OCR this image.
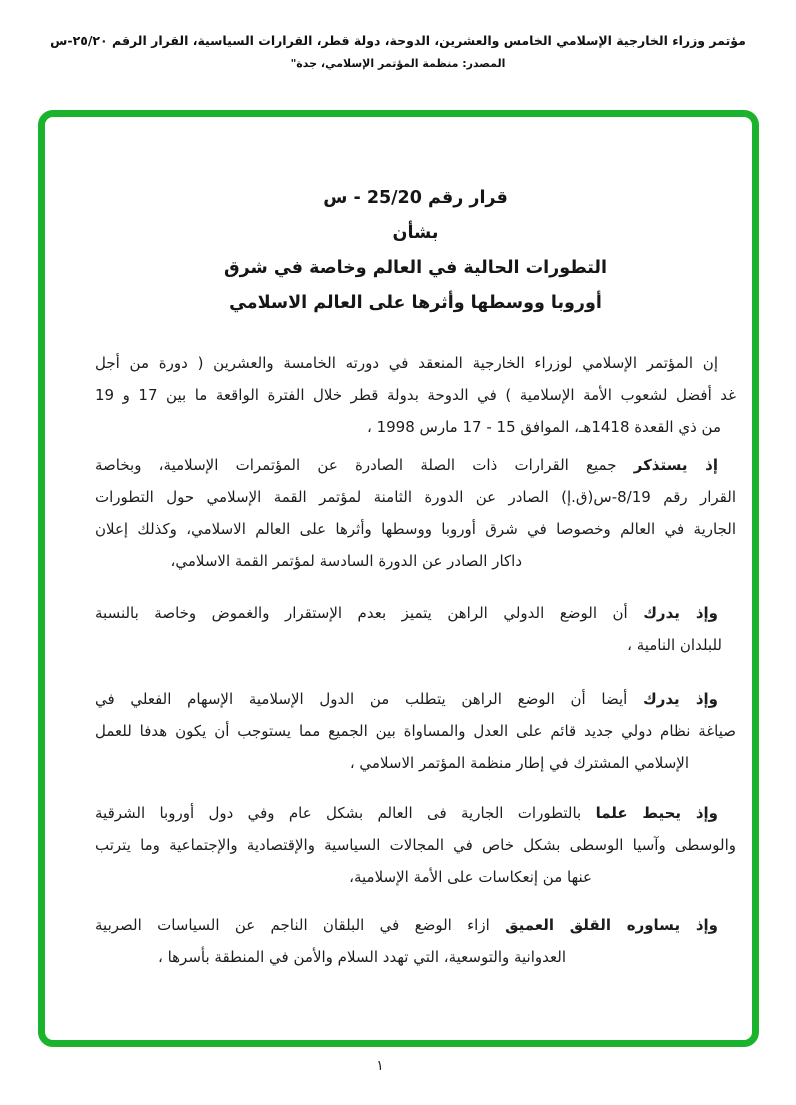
مؤتمر وزراء الخارجية الإسلامي الخامس والعشرين، الدوحة، دولة قطر، القرارات السياسية، القرار الرقم ٢٥/٢٠-س
المصدر: منظمة المؤتمر الإسلامي، جدة"
قرار رقم 25/20 - س
بشأن
التطورات الحالية في العالم وخاصة في شرق
أوروبا ووسطها وأثرها على العالم الاسلامي
إن المؤتمر الإسلامي لوزراء الخارجية المنعقد في دورته الخامسة والعشرين ( دورة من أجل
غد أفضل لشعوب الأمة الإسلامية ) في الدوحة بدولة قطر خلال الفترة الواقعة ما بين 17 و 19
من ذي القعدة 1418هـ، الموافق 15 - 17 مارس 1998 ،
إذ يستذكر جميع القرارات ذات الصلة الصادرة عن المؤتمرات الإسلامية، وبخاصة
القرار رقم 8/19-س(ق.إ) الصادر عن الدورة الثامنة لمؤتمر القمة الإسلامي حول التطورات
الجارية في العالم وخصوصا في شرق أوروبا ووسطها وأثرها على العالم الاسلامي، وكذلك إعلان
داكار الصادر عن الدورة السادسة لمؤتمر القمة الاسلامي،
وإذ يدرك أن الوضع الدولي الراهن يتميز بعدم الإستقرار والغموض وخاصة بالنسبة
للبلدان النامية ،
وإذ يدرك أيضا أن الوضع الراهن يتطلب من الدول الإسلامية الإسهام الفعلي في
صياغة نظام دولي جديد قائم على العدل والمساواة بين الجميع مما يستوجب أن يكون هدفا للعمل
الإسلامي المشترك في إطار منظمة المؤتمر الاسلامي ،
وإذ يحيط علما بالتطورات الجارية فى العالم بشكل عام وفي دول أوروبا الشرقية
والوسطى وآسيا الوسطى بشكل خاص في المجالات السياسية والإقتصادية والإجتماعية وما يترتب
عنها من إنعكاسات على الأمة الإسلامية،
وإذ يساوره القلق العميق ازاء الوضع في البلقان الناجم عن السياسات الصربية
العدوانية والتوسعية، التي تهدد السلام والأمن في المنطقة بأسرها ،
١
